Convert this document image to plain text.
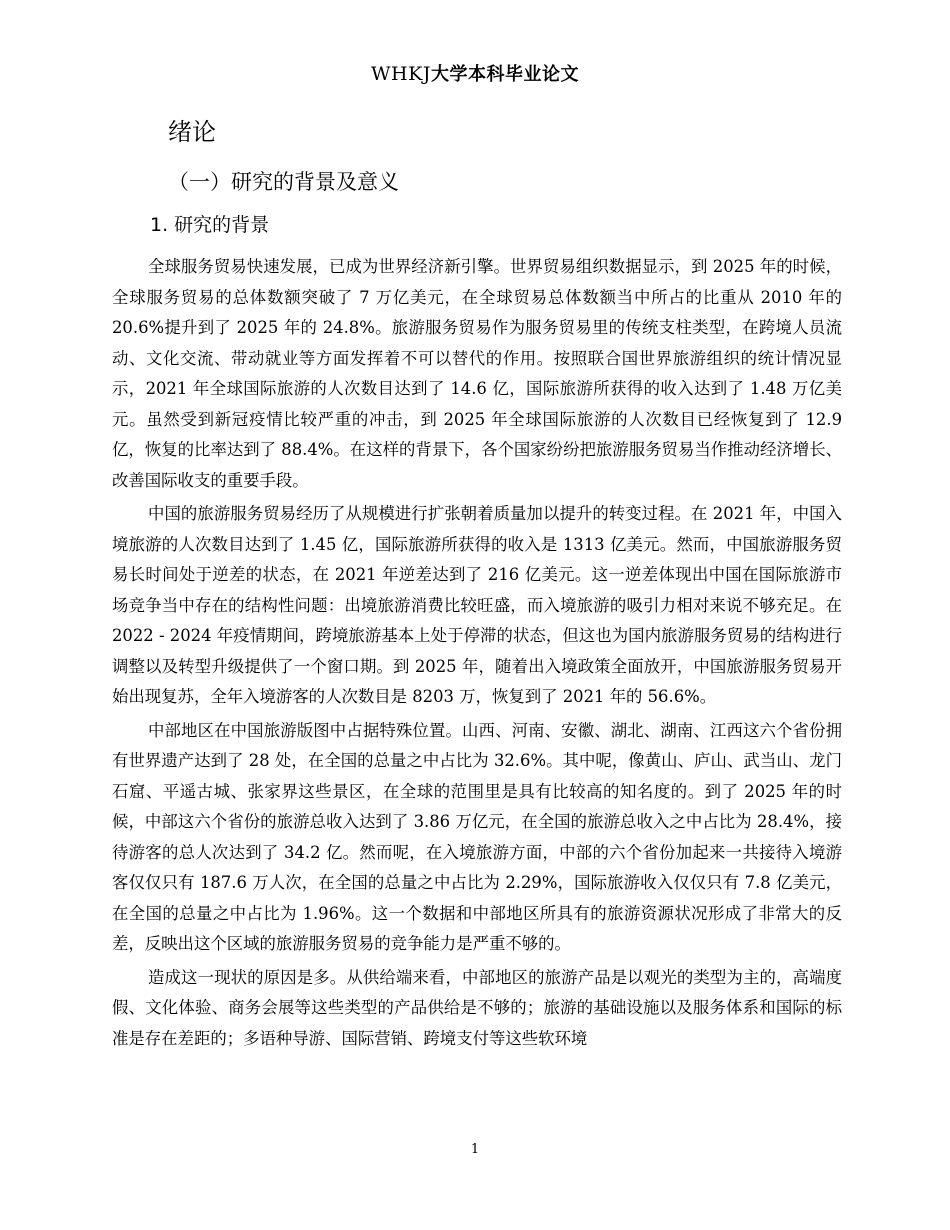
WHKJ大学本科毕业论文
绪论
（一）研究的背景及意义
1. 研究的背景

全球服务贸易快速发展，已成为世界经济新引擎。世界贸易组织数据显示，到 2025 年的时候，全球服务贸易的总体数额突破了 7 万亿美元，在全球贸易总体数额当中所占的比重从 2010 年的 20.6%提升到了 2025 年的 24.8%。旅游服务贸易作为服务贸易里的传统支柱类型，在跨境人员流动、文化交流、带动就业等方面发挥着不可以替代的作用。按照联合国世界旅游组织的统计情况显示，2021 年全球国际旅游的人次数目达到了 14.6 亿，国际旅游所获得的收入达到了 1.48 万亿美元。虽然受到新冠疫情比较严重的冲击，到 2025 年全球国际旅游的人次数目已经恢复到了 12.9 亿，恢复的比率达到了 88.4%。在这样的背景下，各个国家纷纷把旅游服务贸易当作推动经济增长、改善国际收支的重要手段。

中国的旅游服务贸易经历了从规模进行扩张朝着质量加以提升的转变过程。在 2021 年，中国入境旅游的人次数目达到了 1.45 亿，国际旅游所获得的收入是 1313 亿美元。然而，中国旅游服务贸易长时间处于逆差的状态，在 2021 年逆差达到了 216 亿美元。这一逆差体现出中国在国际旅游市场竞争当中存在的结构性问题：出境旅游消费比较旺盛，而入境旅游的吸引力相对来说不够充足。在 2022 - 2024 年疫情期间，跨境旅游基本上处于停滞的状态，但这也为国内旅游服务贸易的结构进行调整以及转型升级提供了一个窗口期。到 2025 年，随着出入境政策全面放开，中国旅游服务贸易开始出现复苏，全年入境游客的人次数目是 8203 万，恢复到了 2021 年的 56.6%。

中部地区在中国旅游版图中占据特殊位置。山西、河南、安徽、湖北、湖南、江西这六个省份拥有世界遗产达到了 28 处，在全国的总量之中占比为 32.6%。其中呢，像黄山、庐山、武当山、龙门石窟、平遥古城、张家界这些景区，在全球的范围里是具有比较高的知名度的。到了 2025 年的时候，中部这六个省份的旅游总收入达到了 3.86 万亿元，在全国的旅游总收入之中占比为 28.4%，接待游客的总人次达到了 34.2 亿。然而呢，在入境旅游方面，中部的六个省份加起来一共接待入境游客仅仅只有 187.6 万人次，在全国的总量之中占比为 2.29%，国际旅游收入仅仅只有 7.8 亿美元，在全国的总量之中占比为 1.96%。这一个数据和中部地区所具有的旅游资源状况形成了非常大的反差，反映出这个区域的旅游服务贸易的竞争能力是严重不够的。

造成这一现状的原因是多。从供给端来看，中部地区的旅游产品是以观光的类型为主的，高端度假、文化体验、商务会展等这些类型的产品供给是不够的；旅游的基础设施以及服务体系和国际的标准是存在差距的；多语种导游、国际营销、跨境支付等这些软环境

1
